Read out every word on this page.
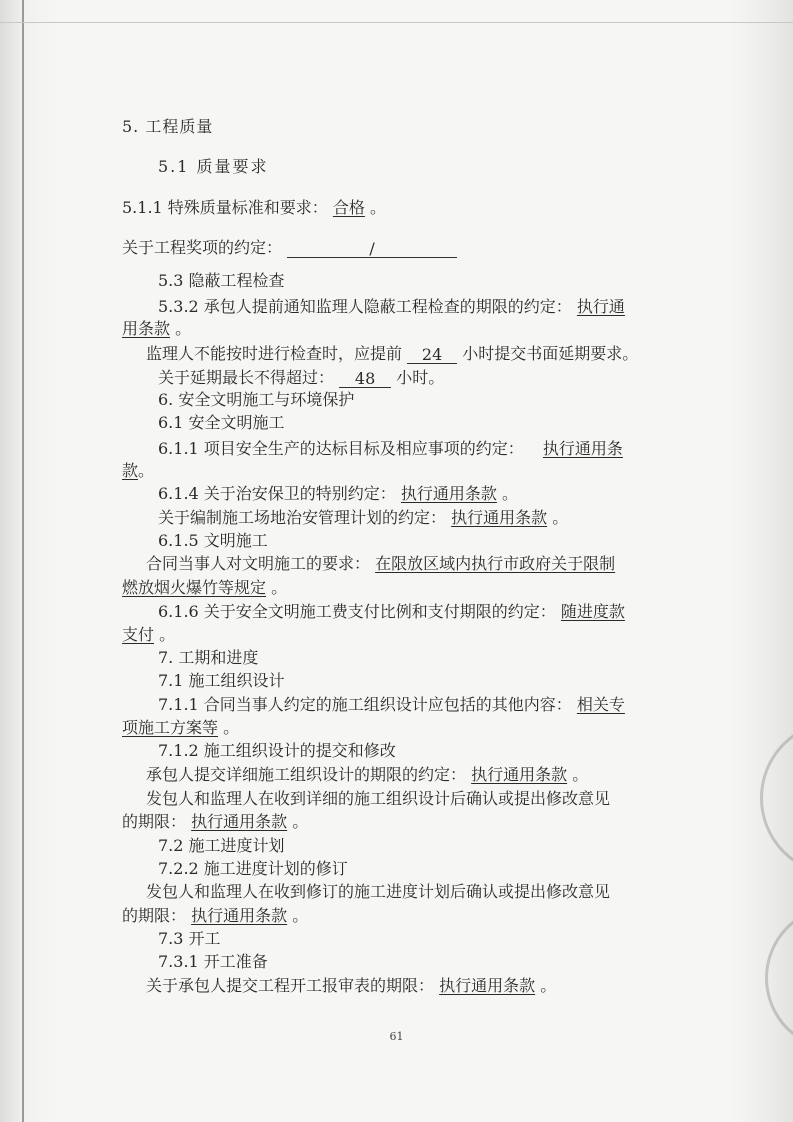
5. 工程质量
5.1 质量要求
5.1.1 特殊质量标准和要求： 合格 。
关于工程奖项的约定：	/
5.3 隐蔽工程检查
5.3.2 承包人提前通知监理人隐蔽工程检查的期限的约定： 执行通
用条款 。
监理人不能按时进行检查时，应提前 24 小时提交书面延期要求。
关于延期最长不得超过： 48 小时。
6. 安全文明施工与环境保护
6.1 安全文明施工
6.1.1 项目安全生产的达标目标及相应事项的约定： 执行通用条
款。
6.1.4 关于治安保卫的特别约定： 执行通用条款 。
关于编制施工场地治安管理计划的约定： 执行通用条款 。
6.1.5 文明施工
合同当事人对文明施工的要求： 在限放区域内执行市政府关于限制
燃放烟火爆竹等规定 。
6.1.6 关于安全文明施工费支付比例和支付期限的约定： 随进度款
支付 。
7. 工期和进度
7.1 施工组织设计
7.1.1 合同当事人约定的施工组织设计应包括的其他内容： 相关专
项施工方案等 。
7.1.2 施工组织设计的提交和修改
承包人提交详细施工组织设计的期限的约定： 执行通用条款 。
发包人和监理人在收到详细的施工组织设计后确认或提出修改意见
的期限： 执行通用条款 。
7.2 施工进度计划
7.2.2 施工进度计划的修订
发包人和监理人在收到修订的施工进度计划后确认或提出修改意见
的期限： 执行通用条款 。
7.3 开工
7.3.1 开工准备
关于承包人提交工程开工报审表的期限： 执行通用条款 。
61
